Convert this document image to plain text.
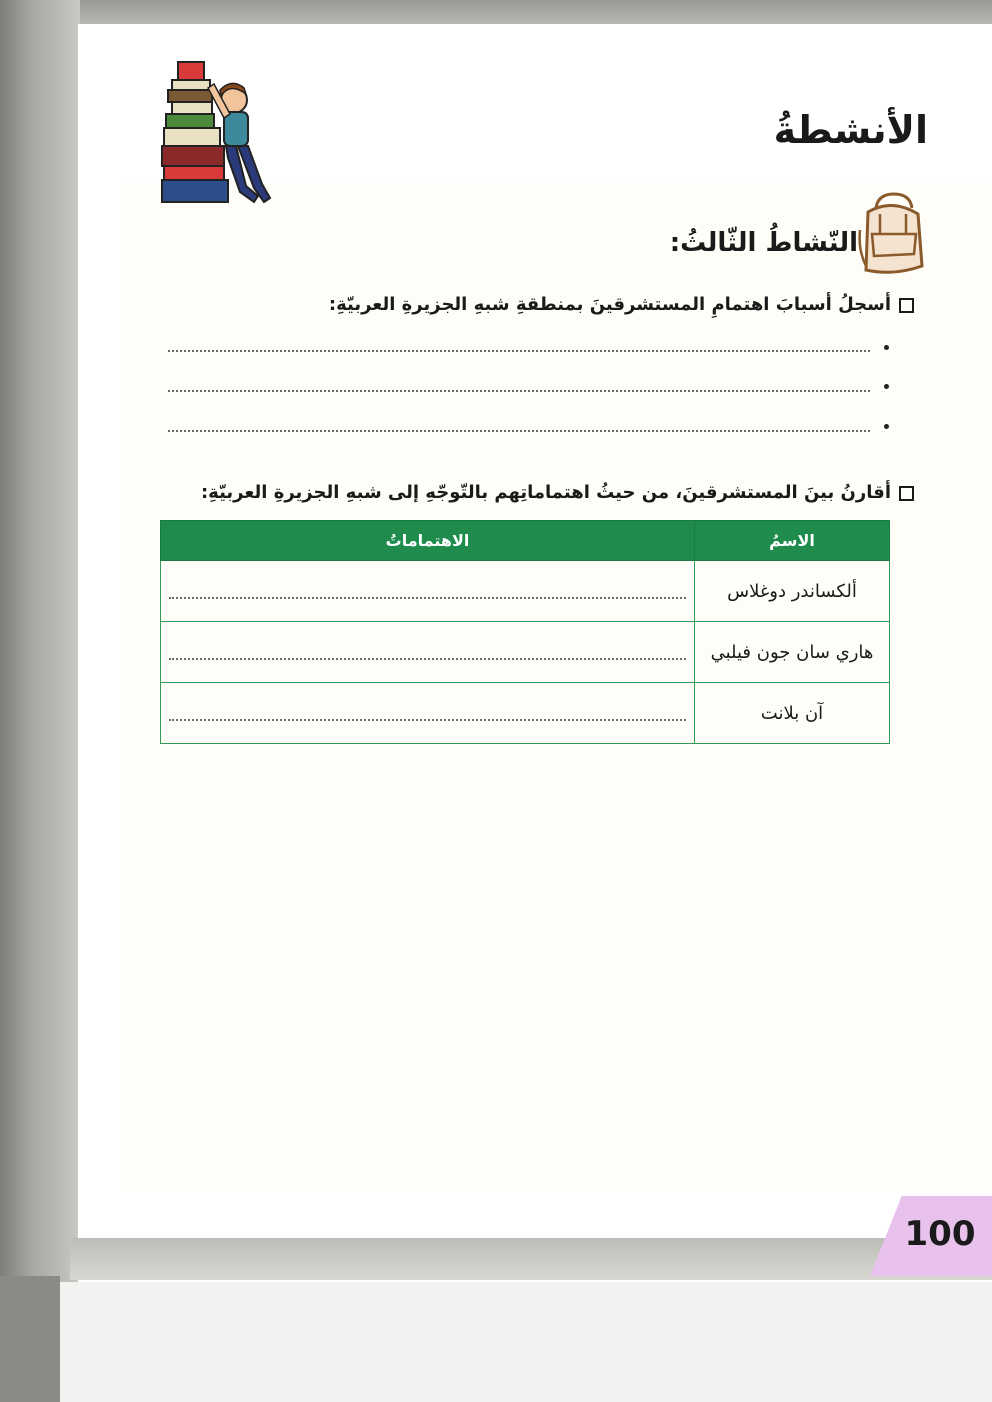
الأنشطةُ
النّشاطُ الثّالثُ:
أسجلُ أسبابَ اهتمامِ المستشرقينَ بمنطقةِ شبهِ الجزيرةِ العربيّةِ:
أقارنُ بينَ المستشرقينَ، من حيثُ اهتماماتِهم بالتّوجّهِ إلى شبهِ الجزيرةِ العربيّةِ:
الاسمُ	الاهتماماتُ
ألكساندر دوغلاس	

هاري سان جون فيلبي	

آن بلانت	
100
